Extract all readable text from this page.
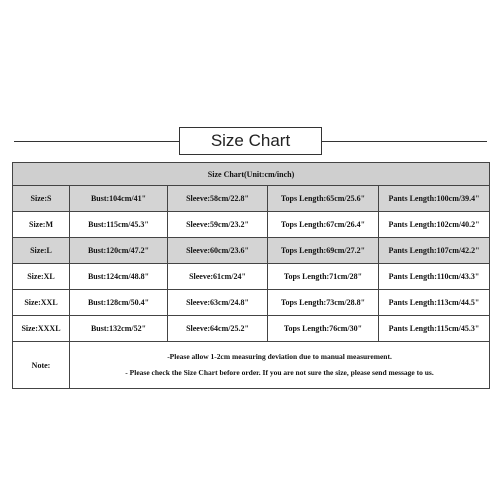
Size Chart
Size Chart(Unit:cm/inch)				
Size:S	Bust:104cm/41"	Sleeve:58cm/22.8"	Tops Length:65cm/25.6"	Pants Length:100cm/39.4"
Size:M	Bust:115cm/45.3"	Sleeve:59cm/23.2"	Tops Length:67cm/26.4"	Pants Length:102cm/40.2"
Size:L	Bust:120cm/47.2"	Sleeve:60cm/23.6"	Tops Length:69cm/27.2"	Pants Length:107cm/42.2"
Size:XL	Bust:124cm/48.8"	Sleeve:61cm/24"	Tops Length:71cm/28"	Pants Length:110cm/43.3"
Size:XXL	Bust:128cm/50.4"	Sleeve:63cm/24.8"	Tops Length:73cm/28.8"	Pants Length:113cm/44.5"
Size:XXXL	Bust:132cm/52"	Sleeve:64cm/25.2"	Tops Length:76cm/30"	Pants Length:115cm/45.3"
Note:	-Please allow 1-2cm measuring deviation due to manual measurement.
- Please check the Size Chart before order. If you are not sure the size, please send message to us.			
